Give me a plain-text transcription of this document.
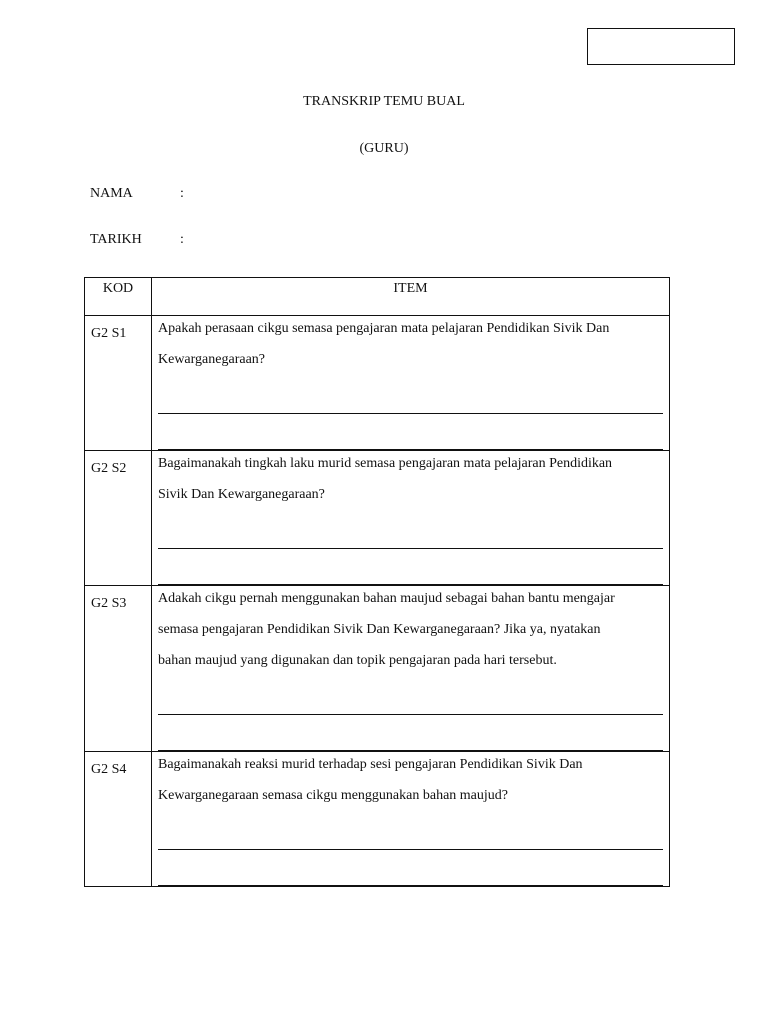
TRANSKRIP TEMU BUAL
(GURU)
NAMA	:
TARIKH	:
KOD	ITEM
G2 S1	Apakah perasaan cikgu semasa pengajaran mata pelajaran Pendidikan Sivik Dan
Kewarganegaraan?

G2 S2	Bagaimanakah tingkah laku murid semasa pengajaran mata pelajaran Pendidikan
Sivik Dan Kewarganegaraan?

G2 S3	Adakah cikgu pernah menggunakan bahan maujud sebagai bahan bantu mengajar
semasa pengajaran Pendidikan Sivik Dan Kewarganegaraan? Jika ya, nyatakan
bahan maujud yang digunakan dan topik pengajaran pada hari tersebut.

G2 S4	Bagaimanakah reaksi murid terhadap sesi pengajaran Pendidikan Sivik Dan
Kewarganegaraan semasa cikgu menggunakan bahan maujud?
